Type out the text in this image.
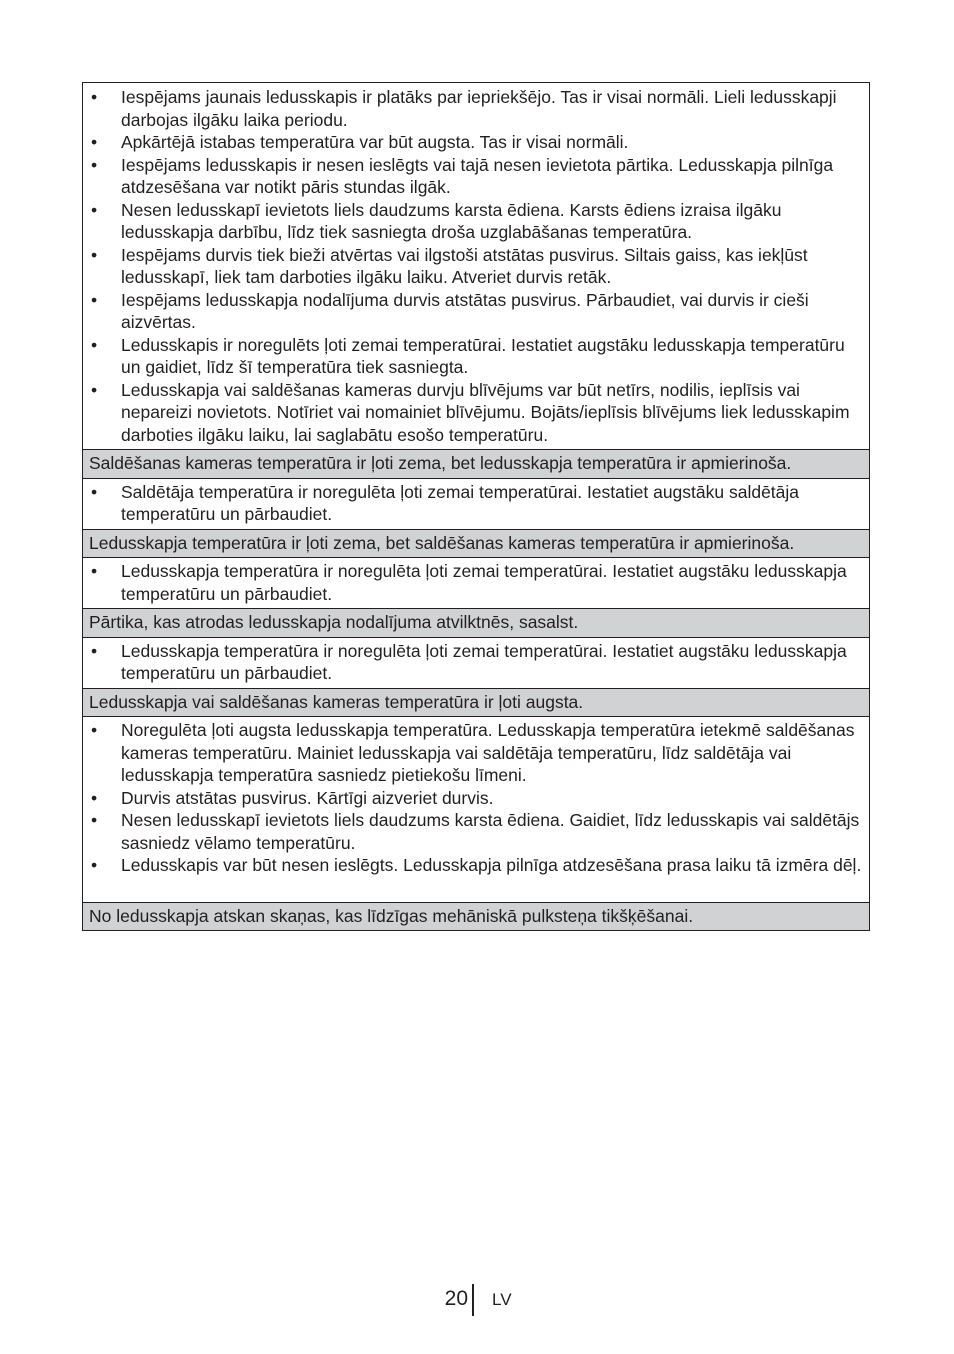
•	Iespējams jaunais ledusskapis ir platāks par iepriekšējo. Tas ir visai normāli. Lieli ledusskapji darbojas ilgāku laika periodu.
•	Apkārtējā istabas temperatūra var būt augsta. Tas ir visai normāli.
•	Iespējams ledusskapis ir nesen ieslēgts vai tajā nesen ievietota pārtika. Ledusskapja pilnīga atdzesēšana var notikt pāris stundas ilgāk.
•	Nesen ledusskapī ievietots liels daudzums karsta ēdiena. Karsts ēdiens izraisa ilgāku ledusskapja darbību, līdz tiek sasniegta droša uzglabāšanas temperatūra.
•	Iespējams durvis tiek bieži atvērtas vai ilgstoši atstātas pusvirus. Siltais gaiss, kas iekļūst ledusskapī, liek tam darboties ilgāku laiku. Atveriet durvis retāk.
•	Iespējams ledusskapja nodalījuma durvis atstātas pusvirus. Pārbaudiet, vai durvis ir cieši aizvērtas.
•	Ledusskapis ir noregulēts ļoti zemai temperatūrai. Iestatiet augstāku ledusskapja temperatūru un gaidiet, līdz šī temperatūra tiek sasniegta.
•	Ledusskapja vai saldēšanas kameras durvju blīvējums var būt netīrs, nodilis, ieplīsis vai nepareizi novietots. Notīriet vai nomainiet blīvējumu. Bojāts/ieplīsis blīvējums liek ledusskapim darboties ilgāku laiku, lai saglabātu esošo temperatūru.
Saldēšanas kameras temperatūra ir ļoti zema, bet ledusskapja temperatūra ir apmierinoša.
•	Saldētāja temperatūra ir noregulēta ļoti zemai temperatūrai. Iestatiet augstāku saldētāja temperatūru un pārbaudiet.
Ledusskapja temperatūra ir ļoti zema, bet saldēšanas kameras temperatūra ir apmierinoša.
•	Ledusskapja temperatūra ir noregulēta ļoti zemai temperatūrai. Iestatiet augstāku ledusskapja temperatūru un pārbaudiet.
Pārtika, kas atrodas ledusskapja nodalījuma atvilktnēs, sasalst.
•	Ledusskapja temperatūra ir noregulēta ļoti zemai temperatūrai. Iestatiet augstāku ledusskapja temperatūru un pārbaudiet.
Ledusskapja vai saldēšanas kameras temperatūra ir ļoti augsta.
•	Noregulēta ļoti augsta ledusskapja temperatūra. Ledusskapja temperatūra ietekmē saldēšanas kameras temperatūru. Mainiet ledusskapja vai saldētāja temperatūru, līdz saldētāja vai ledusskapja temperatūra sasniedz pietiekošu līmeni.
•	Durvis atstātas pusvirus. Kārtīgi aizveriet durvis.
•	Nesen ledusskapī ievietots liels daudzums karsta ēdiena. Gaidiet, līdz ledusskapis vai saldētājs sasniedz vēlamo temperatūru.
•	Ledusskapis var būt nesen ieslēgts. Ledusskapja pilnīga atdzesēšana prasa laiku tā izmēra dēļ.
No ledusskapja atskan skaņas, kas līdzīgas mehāniskā pulksteņa tikšķēšanai.
20 LV
